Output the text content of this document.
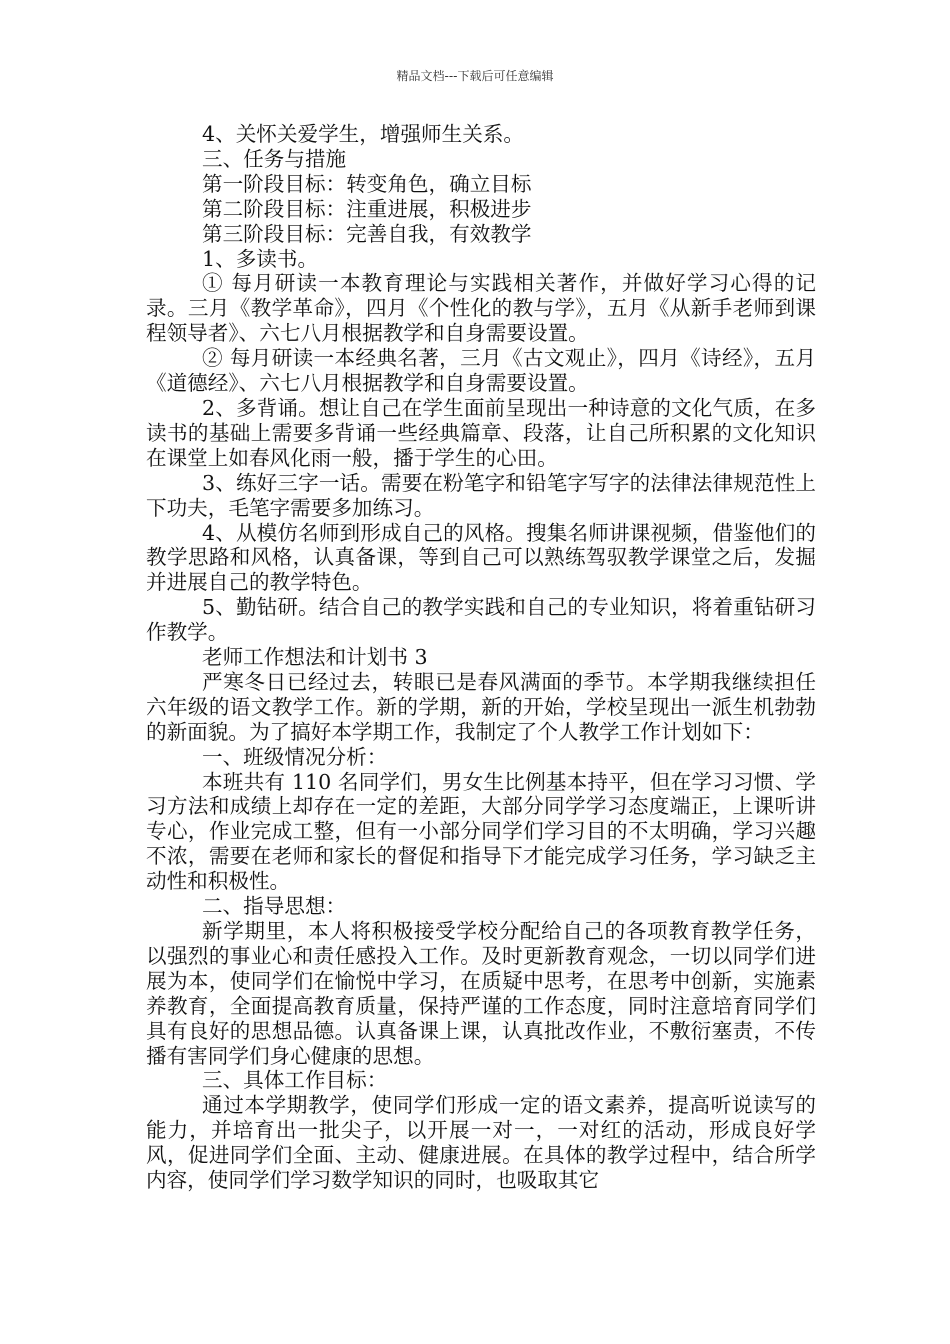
精品文档---下载后可任意编辑

4、关怀关爱学生，增强师生关系。

三、任务与措施

第一阶段目标：转变角色，确立目标

第二阶段目标：注重进展，积极进步

第三阶段目标：完善自我，有效教学

1、多读书。

① 每月研读一本教育理论与实践相关著作，并做好学习心得的记录。三月《教学革命》，四月《个性化的教与学》，五月《从新手老师到课程领导者》、六七八月根据教学和自身需要设置。

② 每月研读一本经典名著，三月《古文观止》，四月《诗经》，五月《道德经》、六七八月根据教学和自身需要设置。

2、多背诵。想让自己在学生面前呈现出一种诗意的文化气质，在多读书的基础上需要多背诵一些经典篇章、段落，让自己所积累的文化知识在课堂上如春风化雨一般，播于学生的心田。

3、练好三字一话。需要在粉笔字和铅笔字写字的法律法律规范性上下功夫，毛笔字需要多加练习。

4、从模仿名师到形成自己的风格。搜集名师讲课视频，借鉴他们的教学思路和风格，认真备课，等到自己可以熟练驾驭教学课堂之后，发掘并进展自己的教学特色。

5、勤钻研。结合自己的教学实践和自己的专业知识，将着重钻研习作教学。

老师工作想法和计划书 3

严寒冬日已经过去，转眼已是春风满面的季节。本学期我继续担任六年级的语文教学工作。新的学期，新的开始，学校呈现出一派生机勃勃的新面貌。为了搞好本学期工作，我制定了个人教学工作计划如下：

一、班级情况分析：

本班共有 110 名同学们，男女生比例基本持平，但在学习习惯、学习方法和成绩上却存在一定的差距，大部分同学学习态度端正，上课听讲专心，作业完成工整，但有一小部分同学们学习目的不太明确，学习兴趣不浓，需要在老师和家长的督促和指导下才能完成学习任务，学习缺乏主动性和积极性。

二、指导思想：

新学期里，本人将积极接受学校分配给自己的各项教育教学任务，以强烈的事业心和责任感投入工作。及时更新教育观念，一切以同学们进展为本，使同学们在愉悦中学习，在质疑中思考，在思考中创新，实施素养教育，全面提高教育质量，保持严谨的工作态度，同时注意培育同学们具有良好的思想品德。认真备课上课，认真批改作业，不敷衍塞责，不传播有害同学们身心健康的思想。

三、具体工作目标：

通过本学期教学，使同学们形成一定的语文素养，提高听说读写的能力，并培育出一批尖子，以开展一对一，一对红的活动，形成良好学风，促进同学们全面、主动、健康进展。在具体的教学过程中，结合所学内容，使同学们学习数学知识的同时，也吸取其它
